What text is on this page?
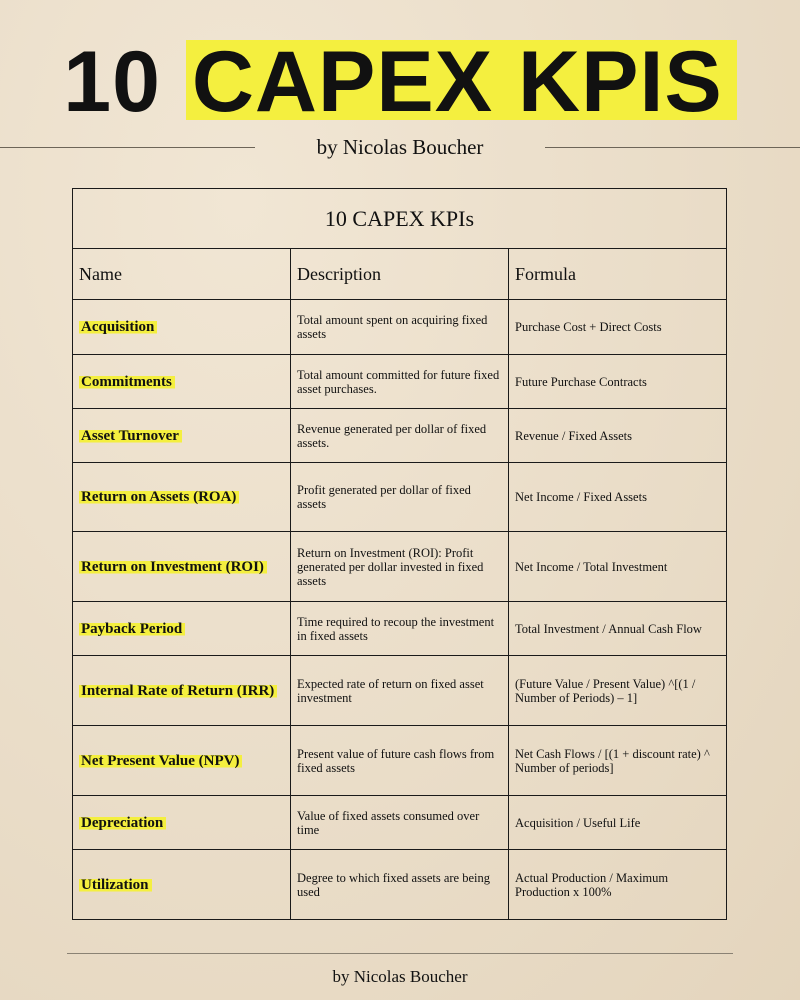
10 CAPEX KPIS
by Nicolas Boucher
10 CAPEX KPIs		
Name	Description	Formula
Acquisition	Total amount spent on acquiring fixed assets	Purchase Cost + Direct Costs
Commitments	Total amount committed for future fixed asset purchases.	Future Purchase Contracts
Asset Turnover	Revenue generated per dollar of fixed assets.	Revenue / Fixed Assets
Return on Assets (ROA)	Profit generated per dollar of fixed assets	Net Income / Fixed Assets
Return on Investment (ROI)	Return on Investment (ROI): Profit generated per dollar invested in fixed assets	Net Income / Total Investment
Payback Period	Time required to recoup the investment in fixed assets	Total Investment / Annual Cash Flow
Internal Rate of Return (IRR)	Expected rate of return on fixed asset investment	(Future Value / Present Value) ^[(1 / Number of Periods) – 1]
Net Present Value (NPV)	Present value of future cash flows from fixed assets	Net Cash Flows / [(1 + discount rate) ^ Number of periods]
Depreciation	Value of fixed assets consumed over time	Acquisition / Useful Life
Utilization	Degree to which fixed assets are being used	Actual Production / Maximum Production x 100%
by Nicolas Boucher
